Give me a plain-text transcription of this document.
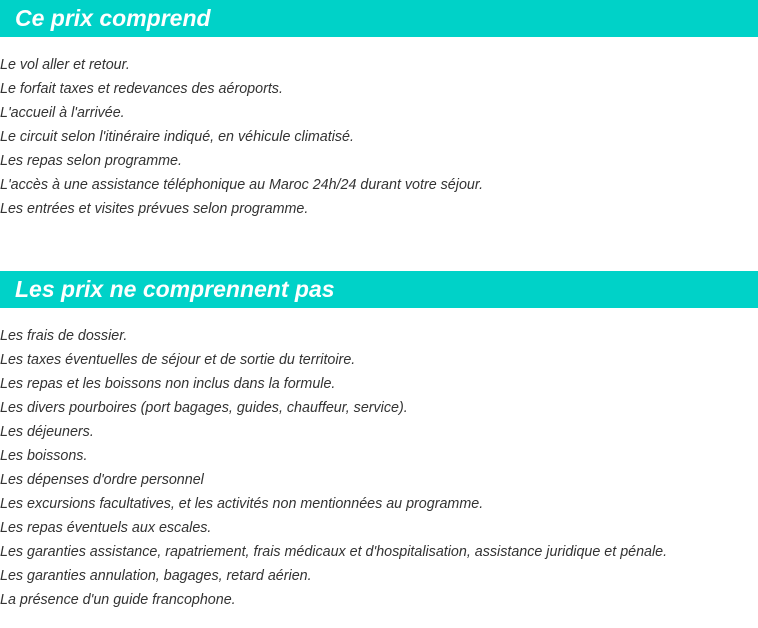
Ce prix comprend
Le vol aller et retour.
Le forfait taxes et redevances des aéroports.
L'accueil à l'arrivée.
Le circuit selon l'itinéraire indiqué, en véhicule climatisé.
Les repas selon programme.
L'accès à une assistance téléphonique au Maroc 24h/24 durant votre séjour.
Les entrées et visites prévues selon programme.
Les prix ne comprennent pas
Les frais de dossier.
Les taxes éventuelles de séjour et de sortie du territoire.
Les repas et les boissons non inclus dans la formule.
Les divers pourboires (port bagages, guides, chauffeur, service).
Les déjeuners.
Les boissons.
Les dépenses d'ordre personnel
Les excursions facultatives, et les activités non mentionnées au programme.
Les repas éventuels aux escales.
Les garanties assistance, rapatriement, frais médicaux et d'hospitalisation, assistance juridique et pénale.
Les garanties annulation, bagages, retard aérien.
La présence d'un guide francophone.
